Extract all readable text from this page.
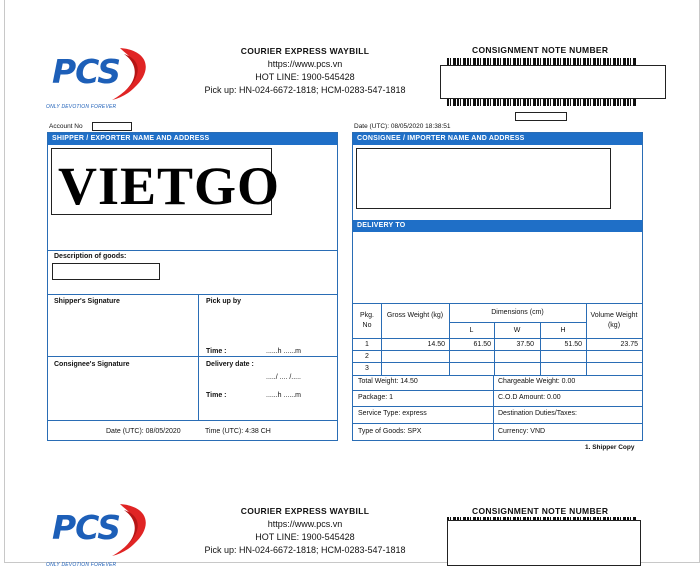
PCS
ONLY DEVOTION FOREVER
COURIER EXPRESS WAYBILL
https://www.pcs.vn
HOT LINE: 1900-545428
Pick up: HN-024-6672-1818; HCM-0283-547-1818
CONSIGNMENT NOTE NUMBER
Account No	Date (UTC): 08/05/2020 18:38:51
SHIPPER / EXPORTER NAME AND ADDRESS
VIETGO
Description of goods:
Shipper's Signature	Pick up by
Time :	......h ......m
Consignee's Signature	Delivery date :
...../ .... /.....
Time :	......h ......m
Date (UTC): 08/05/2020	Time (UTC): 4:38 CH
CONSIGNEE / IMPORTER NAME AND ADDRESS
DELIVERY TO
Pkg. No
Gross Weight (kg)	Dimensions (cm)	Volume Weight (kg)
L	W	H
1	14.50	61.50	37.50	51.50	23.75
2
3
Total Weight: 14.50	Chargeable Weight: 0.00
Package: 1	C.O.D Amount: 0.00
Service Type: express	Destination Duties/Taxes:
Type of Goods: SPX	Currency: VND
1. Shipper Copy
PCS
ONLY DEVOTION FOREVER
COURIER EXPRESS WAYBILL
https://www.pcs.vn
HOT LINE: 1900-545428
Pick up: HN-024-6672-1818; HCM-0283-547-1818
CONSIGNMENT NOTE NUMBER
